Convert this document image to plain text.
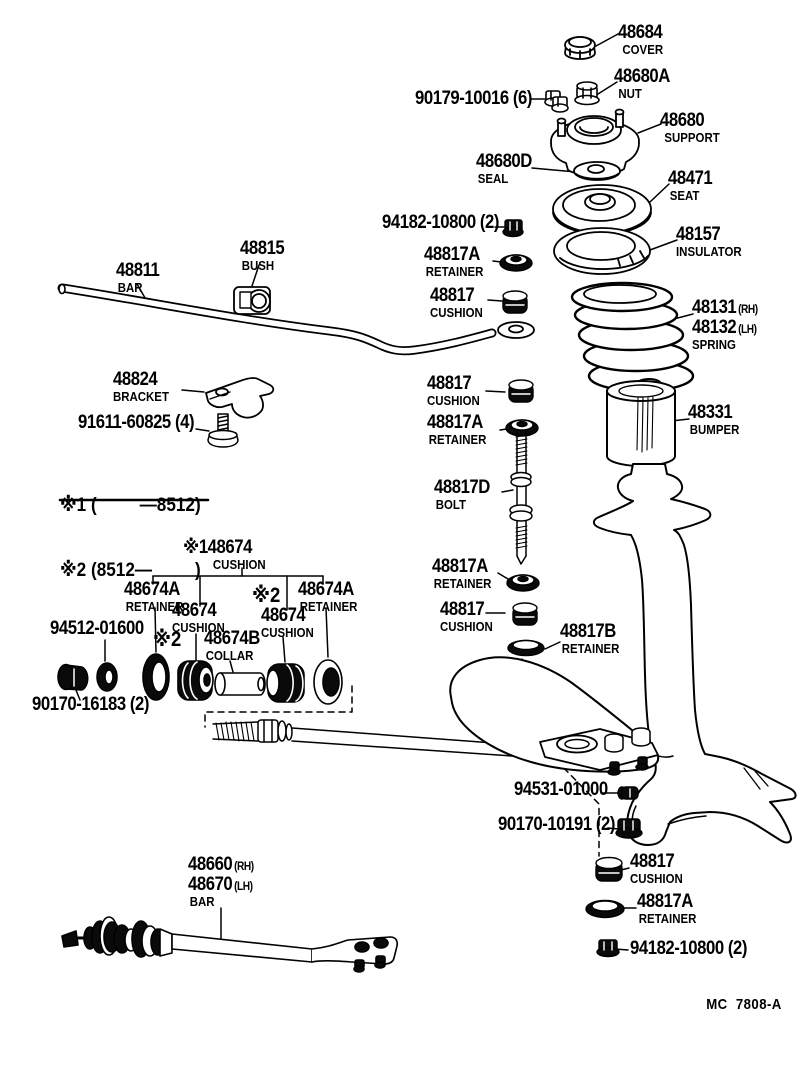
48684
COVER
90179-10016 (6)
48680A
NUT
48680
SUPPORT
48680D
SEAL	48471
SEAT
48157
INSULATOR
94182-10800 (2)
48817A
RETAINER
48817
CUSHION
48815
BUSH
48811
BAR
48131 (RH)
48132 (LH)
SPRING
48824
BRACKET
91611-60825 (4)
48817
CUSHION
48817A
RETAINER
48331
BUMPER

※1 (         —8512)

※2 (8512—         )

48817D
BOLT
48817A
RETAINER
48817
CUSHION	48817B
RETAINER
※1 48674
CUSHION
48674A
RETAINER
48674
CUSHION
※2 48674B
COLLAR
※2
48674
CUSHION
48674A
RETAINER
94512-01600
90170-16183 (2)
94531-01000
90170-10191 (2)
48817
CUSHION
48817A
RETAINER
94182-10800 (2)
48660 (RH)
48670 (LH)
BAR

MC  7808-A
